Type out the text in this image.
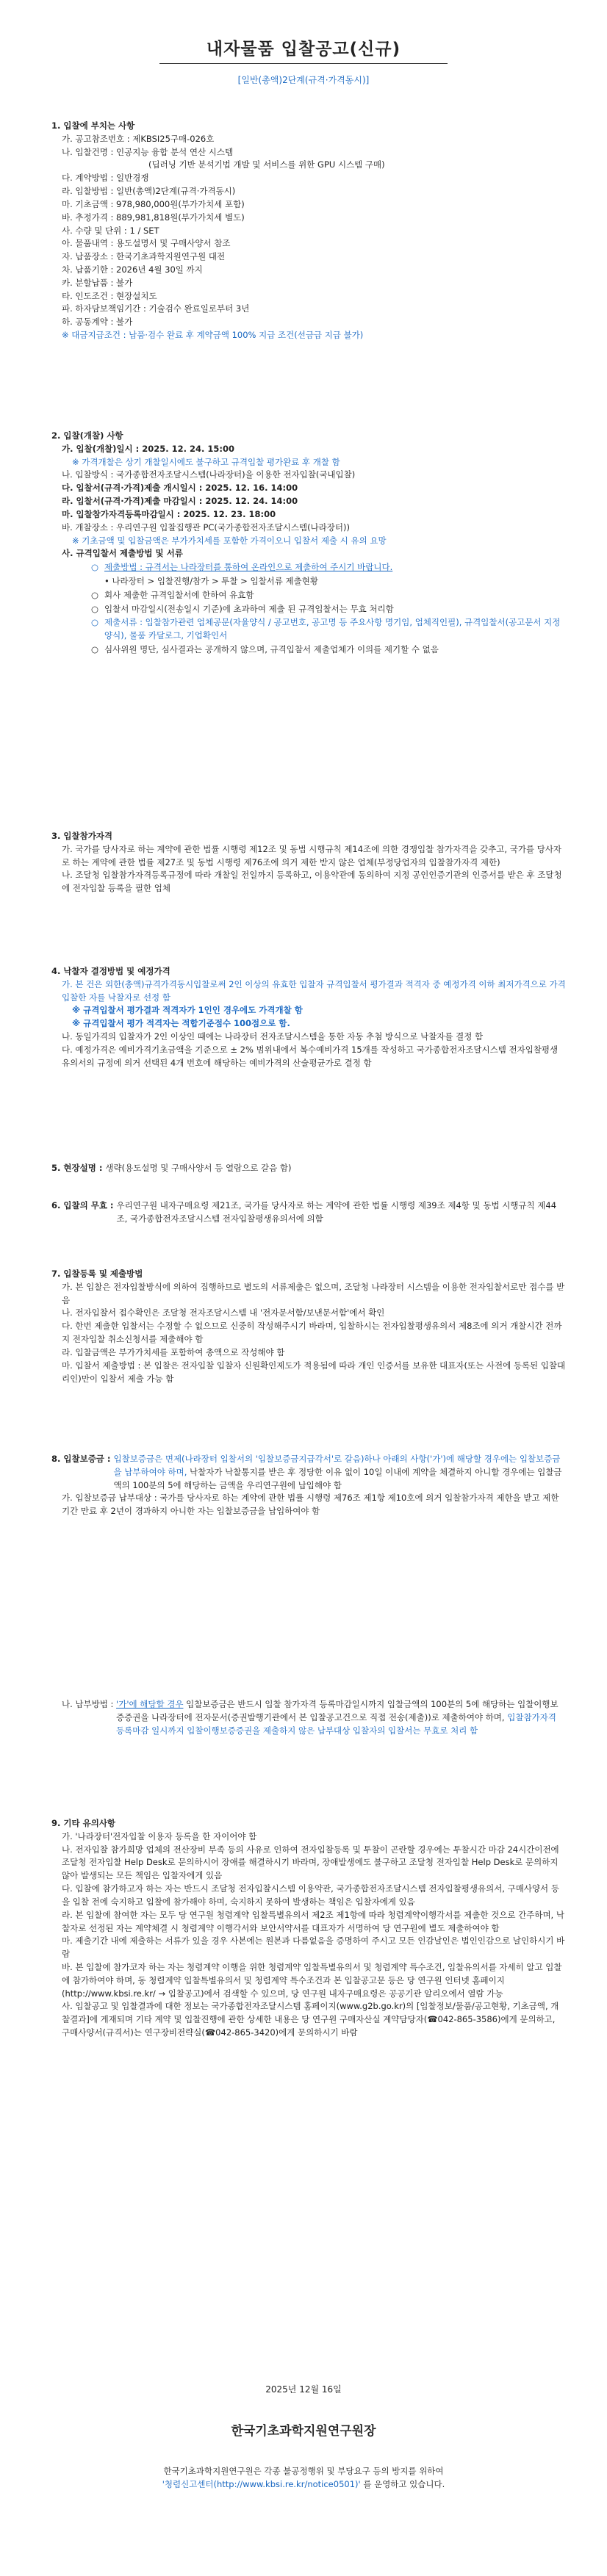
내자물품 입찰공고(신규)
[일반(총액)2단계(규격·가격동시)]

1. 입찰에 부치는 사항

가. 공고참조번호 : 제KBSI25구매-026호
나. 입찰건명 : 인공지능 융합 분석 연산 시스템
(딥러닝 기반 분석기법 개발 및 서비스를 위한 GPU 시스템 구매)
다. 계약방법 : 일반경쟁
라. 입찰방법 : 일반(총액)2단계(규격·가격동시)
마. 기초금액 : 978,980,000원(부가가치세 포함)
바. 추정가격 : 889,981,818원(부가가치세 별도)
사. 수량 및 단위 : 1 / SET
아. 물품내역 : 용도설명서 및 구매사양서 참조
자. 납품장소 : 한국기초과학지원연구원 대전
차. 납품기한 : 2026년 4월 30일 까지
카. 분할납품 : 불가
타. 인도조건 : 현장설치도
파. 하자담보책임기간 : 기술검수 완료일로부터 3년
하. 공동계약 : 불가

※ 대금지급조건 : 납품·검수 완료 후 계약금액 100% 지급 조건(선금급 지급 불가)

2. 입찰(개찰) 사항

가. 입찰(개찰)일시 : 2025. 12. 24. 15:00

※ 가격개찰은 상기 개찰일시에도 불구하고 규격입찰 평가완료 후 개찰 함

나. 입찰방식 : 국가종합전자조달시스템(나라장터)을 이용한 전자입찰(국내입찰)

다. 입찰서(규격·가격)제출 개시일시 : 2025. 12. 16. 14:00

라. 입찰서(규격·가격)제출 마감일시 : 2025. 12. 24. 14:00

마. 입찰참가자격등록마감일시 : 2025. 12. 23. 18:00

바. 개찰장소 : 우리연구원 입찰집행관 PC(국가종합전자조달시스템(나라장터))

※ 기초금액 및 입찰금액은 부가가치세를 포함한 가격이오니 입찰서 제출 시 유의 요망

사. 규격입찰서 제출방법 및 서류

○ 제출방법 : 규격서는 나라장터를 통하여 온라인으로 제출하여 주시기 바랍니다.
• 나라장터 > 입찰진행/참가 > 투찰 > 입찰서류 제출현황
○ 회사 제출한 규격입찰서에 한하여 유효함
○ 입찰서 마감일시(전송일시 기준)에 초과하여 제출 된 규격입찰서는 무효 처리함
○ 제출서류 : 입찰참가관련 업체공문(자율양식 / 공고번호, 공고명 등 주요사항 명기임, 업체직인필), 규격입찰서(공고문서 지정양식), 물품 카달로그, 기업확인서
○ 심사위원 명단, 심사결과는 공개하지 않으며, 규격입찰서 제출업체가 이의를 제기할 수 없음

3. 입찰참가자격

가. 국가를 당사자로 하는 계약에 관한 법률 시행령 제12조 및 동법 시행규칙 제14조에 의한 경쟁입찰 참가자격을 갖추고, 국가를 당사자로 하는 계약에 관한 법률 제27조 및 동법 시행령 제76조에 의거 제한 받지 않은 업체(부정당업자의 입찰참가자격 제한)

나. 조달청 입찰참가자격등록규정에 따라 개찰일 전일까지 등록하고, 이용약관에 동의하여 지정 공인인증기관의 인증서를 받은 후 조달청에 전자입찰 등록을 필한 업체

4. 낙찰자 결정방법 및 예정가격

가. 본 건은 외한(총액)규격가격동시입찰로써 2인 이상의 유효한 입찰자 규격입찰서 평가결과 적격자 중 예정가격 이하 최저가격으로 가격입찰한 자를 낙찰자로 선정 함

※ 규격입찰서 평가결과 적격자가 1인인 경우에도 가격개찰 함

※ 규격입찰서 평가 적격자는 적합기준점수 100점으로 함.

나. 동일가격의 입찰자가 2인 이상인 때에는 나라장터 전자조달시스템을 통한 자동 추첨 방식으로 낙찰자를 결정 함

다. 예정가격은 예비가격기초금액을 기준으로 ± 2% 범위내에서 복수예비가격 15개를 작성하고 국가종합전자조달시스템 전자입찰평생유의서의 규정에 의거 선택된 4개 번호에 해당하는 예비가격의 산술평균가로 결정 함

5. 현장설명 : 생략(용도설명 및 구매사양서 등 열람으로 갈음 함)
6. 입찰의 무효 : 우리연구원 내자구매요령 제21조, 국가를 당사자로 하는 계약에 관한 법률 시행령 제39조 제4항 및 동법 시행규칙 제44조, 국가종합전자조달시스템 전자입찰평생유의서에 의함

7. 입찰등록 및 제출방법

가. 본 입찰은 전자입찰방식에 의하여 집행하므로 별도의 서류제출은 없으며, 조달청 나라장터 시스템을 이용한 전자입찰서로만 접수를 받음

나. 전자입찰서 접수확인은 조달청 전자조달시스템 내 '전자문서함/보낸문서함'에서 확인

다. 한번 제출한 입찰서는 수정할 수 없으므로 신중히 작성해주시기 바라며, 입찰하시는 전자입찰평생유의서 제8조에 의거 개찰시간 전까지 전자입찰 취소신청서를 제출해야 함

라. 입찰금액은 부가가치세를 포함하여 총액으로 작성해야 함

마. 입찰서 제출방법 : 본 입찰은 전자입찰 입찰자 신원확인제도가 적용됨에 따라 개인 인증서를 보유한 대표자(또는 사전에 등록된 입찰대리인)만이 입찰서 제출 가능 함

8. 입찰보증금 : 입찰보증금은 면제(나라장터 입찰서의 '입찰보증금지급각서'로 갈음)하나 아래의 사항('가')에 해당할 경우에는 입찰보증금을 납부하여야 하며, 낙찰자가 낙찰통지를 받은 후 정당한 이유 없이 10일 이내에 계약을 체결하지 아니할 경우에는 입찰금액의 100분의 5에 해당하는 금액을 우리연구원에 납입해야 함

가. 입찰보증금 납부대상 : 국가를 당사자로 하는 계약에 관한 법률 시행령 제76조 제1항 제10호에 의거 입찰참가자격 제한을 받고 제한기간 만료 후 2년이 경과하지 아니한 자는 입찰보증금을 납입하여야 함

나. 납부방법 : '가'에 해당할 경우 입찰보증금은 반드시 입찰 참가자격 등록마감일시까지 입찰금액의 100분의 5에 해당하는 입찰이행보증증권을 나라장터에 전자문서(증권발행기관에서 본 입찰공고건으로 직접 전송(제출))로 제출하여야 하며, 입찰참가자격 등록마감 일시까지 입찰이행보증증권을 제출하지 않은 납부대상 입찰자의 입찰서는 무효로 처리 함

9. 기타 유의사항

가. '나라장터'전자입찰 이용자 등록을 한 자이어야 함

나. 전자입찰 참가희망 업체의 전산장비 부족 등의 사유로 인하여 전자입찰등록 및 투찰이 곤란할 경우에는 투찰시간 마감 24시간이전에 조달청 전자입찰 Help Desk로 문의하시어 장애를 해결하시기 바라며, 장애발생에도 불구하고 조달청 전자입찰 Help Desk로 문의하지 않아 발생되는 모든 책임은 입찰자에게 있음

다. 입찰에 참가하고자 하는 자는 반드시 조달청 전자입찰시스템 이용약관, 국가종합전자조달시스템 전자입찰평생유의서, 구매사양서 등을 입찰 전에 숙지하고 입찰에 참가해야 하며, 숙지하지 못하여 발생하는 책임은 입찰자에게 있음

라. 본 입찰에 참여한 자는 모두 당 연구원 청렴계약 입찰특별유의서 제2조 제1항에 따라 청렴계약이행각서를 제출한 것으로 간주하며, 낙찰자로 선정된 자는 계약체결 시 청렴계약 이행각서와 보안서약서를 대표자가 서명하여 당 연구원에 별도 제출하여야 함

마. 제출기간 내에 제출하는 서류가 있을 경우 사본에는 원본과 다름없음을 증명하여 주시고 모든 인감날인은 법인인감으로 날인하시기 바람

바. 본 입찰에 참가코자 하는 자는 청렴계약 이행을 위한 청렴계약 입찰특별유의서 및 청렴계약 특수조건, 입찰유의서를 자세히 알고 입찰에 참가하여야 하며, 동 청렴계약 입찰특별유의서 및 청렴계약 특수조건과 본 입찰공고문 등은 당 연구원 인터넷 홈페이지(http://www.kbsi.re.kr/ → 입찰공고)에서 검색할 수 있으며, 당 연구원 내자구매요령은 공공기관 알리오에서 열람 가능

사. 입찰공고 및 입찰결과에 대한 정보는 국가종합전자조달시스템 홈페이지(www.g2b.go.kr)의 [입찰정보/물품/공고현황, 기초금액, 개찰결과]에 게재되며 기타 계약 및 입찰진행에 관한 상세한 내용은 당 연구원 구매자산실 계약담당자(☎042-865-3586)에게 문의하고, 구매사양서(규격서)는 연구장비전략실(☎042-865-3420)에게 문의하시기 바람

2025년 12월 16일
한국기초과학지원연구원장
한국기초과학지원연구원은 각종 불공정행위 및 부당요구 등의 방지를 위하여
'청렴신고센터(http://www.kbsi.re.kr/notice0501)' 를 운영하고 있습니다.
